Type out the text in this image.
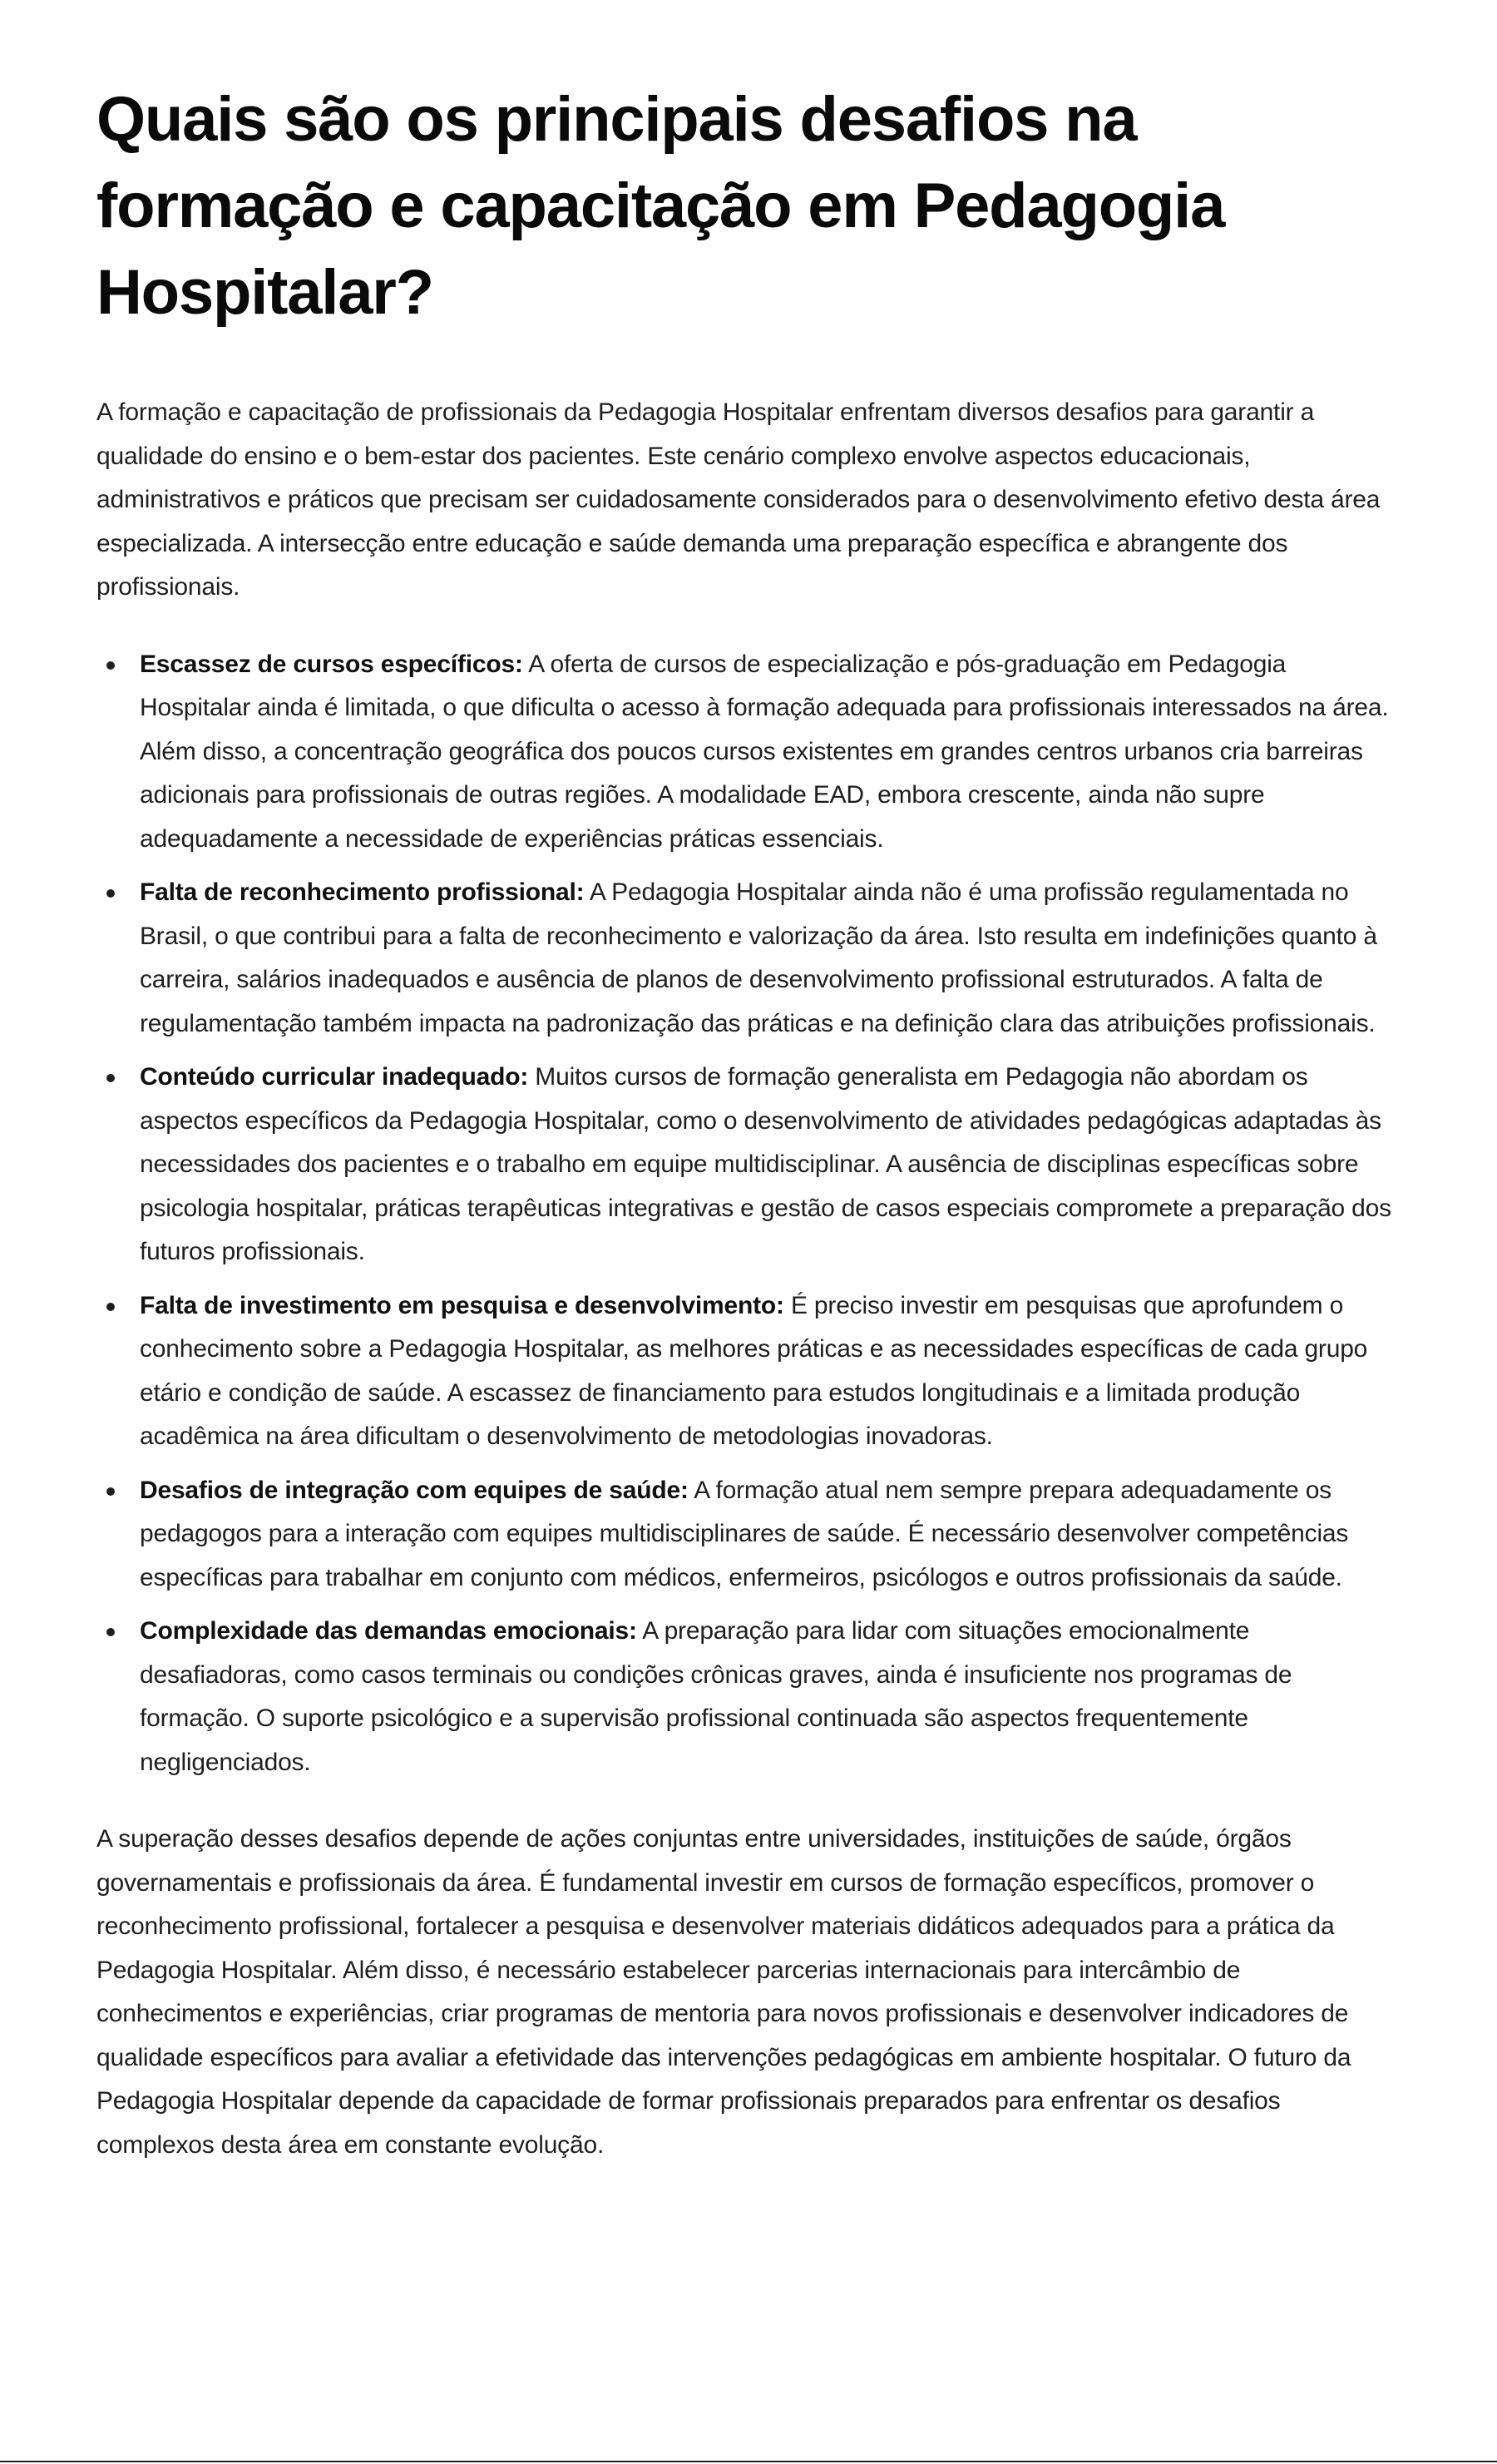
Quais são os principais desafios na formação e capacitação em Pedagogia Hospitalar?

A formação e capacitação de profissionais da Pedagogia Hospitalar enfrentam diversos desafios para garantir a qualidade do ensino e o bem-estar dos pacientes. Este cenário complexo envolve aspectos educacionais, administrativos e práticos que precisam ser cuidadosamente considerados para o desenvolvimento efetivo desta área especializada. A intersecção entre educação e saúde demanda uma preparação específica e abrangente dos profissionais.

Escassez de cursos específicos: A oferta de cursos de especialização e pós-graduação em Pedagogia Hospitalar ainda é limitada, o que dificulta o acesso à formação adequada para profissionais interessados na área. Além disso, a concentração geográfica dos poucos cursos existentes em grandes centros urbanos cria barreiras adicionais para profissionais de outras regiões. A modalidade EAD, embora crescente, ainda não supre adequadamente a necessidade de experiências práticas essenciais.
Falta de reconhecimento profissional: A Pedagogia Hospitalar ainda não é uma profissão regulamentada no Brasil, o que contribui para a falta de reconhecimento e valorização da área. Isto resulta em indefinições quanto à carreira, salários inadequados e ausência de planos de desenvolvimento profissional estruturados. A falta de regulamentação também impacta na padronização das práticas e na definição clara das atribuições profissionais.
Conteúdo curricular inadequado: Muitos cursos de formação generalista em Pedagogia não abordam os aspectos específicos da Pedagogia Hospitalar, como o desenvolvimento de atividades pedagógicas adaptadas às necessidades dos pacientes e o trabalho em equipe multidisciplinar. A ausência de disciplinas específicas sobre psicologia hospitalar, práticas terapêuticas integrativas e gestão de casos especiais compromete a preparação dos futuros profissionais.
Falta de investimento em pesquisa e desenvolvimento: É preciso investir em pesquisas que aprofundem o conhecimento sobre a Pedagogia Hospitalar, as melhores práticas e as necessidades específicas de cada grupo etário e condição de saúde. A escassez de financiamento para estudos longitudinais e a limitada produção acadêmica na área dificultam o desenvolvimento de metodologias inovadoras.
Desafios de integração com equipes de saúde: A formação atual nem sempre prepara adequadamente os pedagogos para a interação com equipes multidisciplinares de saúde. É necessário desenvolver competências específicas para trabalhar em conjunto com médicos, enfermeiros, psicólogos e outros profissionais da saúde.
Complexidade das demandas emocionais: A preparação para lidar com situações emocionalmente desafiadoras, como casos terminais ou condições crônicas graves, ainda é insuficiente nos programas de formação. O suporte psicológico e a supervisão profissional continuada são aspectos frequentemente negligenciados.

A superação desses desafios depende de ações conjuntas entre universidades, instituições de saúde, órgãos governamentais e profissionais da área. É fundamental investir em cursos de formação específicos, promover o reconhecimento profissional, fortalecer a pesquisa e desenvolver materiais didáticos adequados para a prática da Pedagogia Hospitalar. Além disso, é necessário estabelecer parcerias internacionais para intercâmbio de conhecimentos e experiências, criar programas de mentoria para novos profissionais e desenvolver indicadores de qualidade específicos para avaliar a efetividade das intervenções pedagógicas em ambiente hospitalar. O futuro da Pedagogia Hospitalar depende da capacidade de formar profissionais preparados para enfrentar os desafios complexos desta área em constante evolução.
